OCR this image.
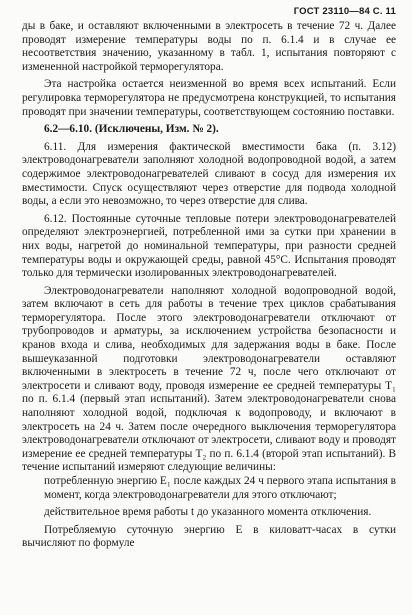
ГОСТ 23110—84 С. 11

ды в баке, и оставляют включенными в электросеть в течение 72 ч. Далее проводят измерение температуры воды по п. 6.1.4 и в случае ее несоответствия значению, указанному в табл. 1, испытания повторяют с измененной настройкой терморегулятора.

Эта настройка остается неизменной во время всех испытаний. Если регулировка терморегулятора не предусмотрена конструкцией, то испытания проводят при значении температуры, соответствующем состоянию поставки.

6.2—6.10. (Исключены, Изм. № 2).

6.11. Для измерения фактической вместимости бака (п. 3.12) электроводонагреватели заполняют холодной водопроводной водой, а затем содержимое электроводонагревателей сливают в сосуд для измерения их вместимости. Спуск осуществляют через отверстие для подвода холодной воды, а если это невозможно, то через отверстие для слива.

6.12. Постоянные суточные тепловые потери электроводонагревателей определяют электроэнергией, потребленной ими за сутки при хранении в них воды, нагретой до номинальной температуры, при разности средней температуры воды и окружающей среды, равной 45°С. Испытания проводят только для термически изолированных электроводонагревателей.

Электроводонагреватели наполняют холодной водопроводной водой, затем включают в сеть для работы в течение трех циклов срабатывания терморегулятора. После этого электроводонагреватели отключают от трубопроводов и арматуры, за исключением устройства безопасности и кранов входа и слива, необходимых для задержания воды в баке. После вышеуказанной подготовки электроводонагреватели оставляют включенными в электросеть в течение 72 ч, после чего отключают от электросети и сливают воду, проводя измерение ее средней температуры T₁ по п. 6.1.4 (первый этап испытаний). Затем электроводонагреватели снова наполняют холодной водой, подключая к водопроводу, и включают в электросеть на 24 ч. Затем после очередного выключения терморегулятора электроводонагреватели отключают от электросети, сливают воду и проводят измерение ее средней температуры T₂ по п. 6.1.4 (второй этап испытаний). В течение испытаний измеряют следующие величины:

потребленную энергию E₁ после каждых 24 ч первого этапа испытания в момент, когда электроводонагреватели для этого отключают;

действительное время работы t до указанного момента отключения.

Потребляемую суточную энергию E в киловатт-часах в сутки вычисляют по формуле
